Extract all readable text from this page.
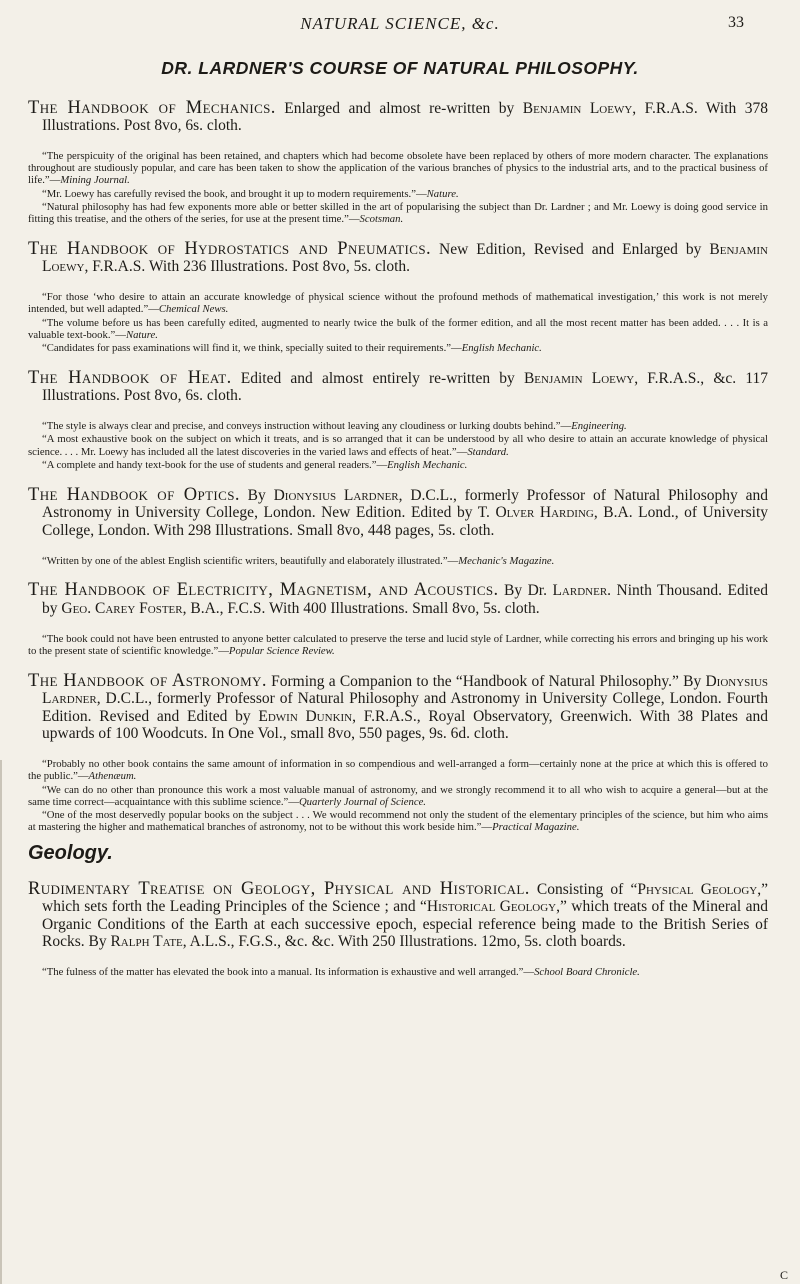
NATURAL SCIENCE, &c.	33
DR. LARDNER'S COURSE OF NATURAL PHILOSOPHY.

The Handbook of Mechanics. Enlarged and almost re-written by Benjamin Loewy, F.R.A.S. With 378 Illustrations. Post 8vo, 6s. cloth.

“The perspicuity of the original has been retained, and chapters which had become obsolete have been replaced by others of more modern character. The explanations throughout are studiously popular, and care has been taken to show the application of the various branches of physics to the industrial arts, and to the practical business of life.”—Mining Journal.

“Mr. Loewy has carefully revised the book, and brought it up to modern requirements.”—Nature.

“Natural philosophy has had few exponents more able or better skilled in the art of popularising the subject than Dr. Lardner ; and Mr. Loewy is doing good service in fitting this treatise, and the others of the series, for use at the present time.”—Scotsman.

The Handbook of Hydrostatics and Pneumatics. New Edition, Revised and Enlarged by Benjamin Loewy, F.R.A.S. With 236 Illustrations. Post 8vo, 5s. cloth.

“For those ‘who desire to attain an accurate knowledge of physical science without the profound methods of mathematical investigation,’ this work is not merely intended, but well adapted.”—Chemical News.

“The volume before us has been carefully edited, augmented to nearly twice the bulk of the former edition, and all the most recent matter has been added. . . . It is a valuable text-book.”—Nature.

“Candidates for pass examinations will find it, we think, specially suited to their requirements.”—English Mechanic.

The Handbook of Heat. Edited and almost entirely re-written by Benjamin Loewy, F.R.A.S., &c. 117 Illustrations. Post 8vo, 6s. cloth.

“The style is always clear and precise, and conveys instruction without leaving any cloudiness or lurking doubts behind.”—Engineering.

“A most exhaustive book on the subject on which it treats, and is so arranged that it can be understood by all who desire to attain an accurate knowledge of physical science. . . . Mr. Loewy has included all the latest discoveries in the varied laws and effects of heat.”—Standard.

“A complete and handy text-book for the use of students and general readers.”—English Mechanic.

The Handbook of Optics. By Dionysius Lardner, D.C.L., formerly Professor of Natural Philosophy and Astronomy in University College, London. New Edition. Edited by T. Olver Harding, B.A. Lond., of University College, London. With 298 Illustrations. Small 8vo, 448 pages, 5s. cloth.

“Written by one of the ablest English scientific writers, beautifully and elaborately illustrated.”—Mechanic's Magazine.

The Handbook of Electricity, Magnetism, and Acoustics. By Dr. Lardner. Ninth Thousand. Edited by Geo. Carey Foster, B.A., F.C.S. With 400 Illustrations. Small 8vo, 5s. cloth.

“The book could not have been entrusted to anyone better calculated to preserve the terse and lucid style of Lardner, while correcting his errors and bringing up his work to the present state of scientific knowledge.”—Popular Science Review.

The Handbook of Astronomy. Forming a Companion to the “Handbook of Natural Philosophy.” By Dionysius Lardner, D.C.L., formerly Professor of Natural Philosophy and Astronomy in University College, London. Fourth Edition. Revised and Edited by Edwin Dunkin, F.R.A.S., Royal Observatory, Greenwich. With 38 Plates and upwards of 100 Woodcuts. In One Vol., small 8vo, 550 pages, 9s. 6d. cloth.

“Probably no other book contains the same amount of information in so compendious and well-arranged a form—certainly none at the price at which this is offered to the public.”—Athenæum.

“We can do no other than pronounce this work a most valuable manual of astronomy, and we strongly recommend it to all who wish to acquire a general—but at the same time correct—acquaintance with this sublime science.”—Quarterly Journal of Science.

“One of the most deservedly popular books on the subject . . . We would recommend not only the student of the elementary principles of the science, but him who aims at mastering the higher and mathematical branches of astronomy, not to be without this work beside him.”—Practical Magazine.

Geology.

Rudimentary Treatise on Geology, Physical and Historical. Consisting of “Physical Geology,” which sets forth the Leading Principles of the Science ; and “Historical Geology,” which treats of the Mineral and Organic Conditions of the Earth at each successive epoch, especial reference being made to the British Series of Rocks. By Ralph Tate, A.L.S., F.G.S., &c. &c. With 250 Illustrations. 12mo, 5s. cloth boards.

“The fulness of the matter has elevated the book into a manual. Its information is exhaustive and well arranged.”—School Board Chronicle.

C
